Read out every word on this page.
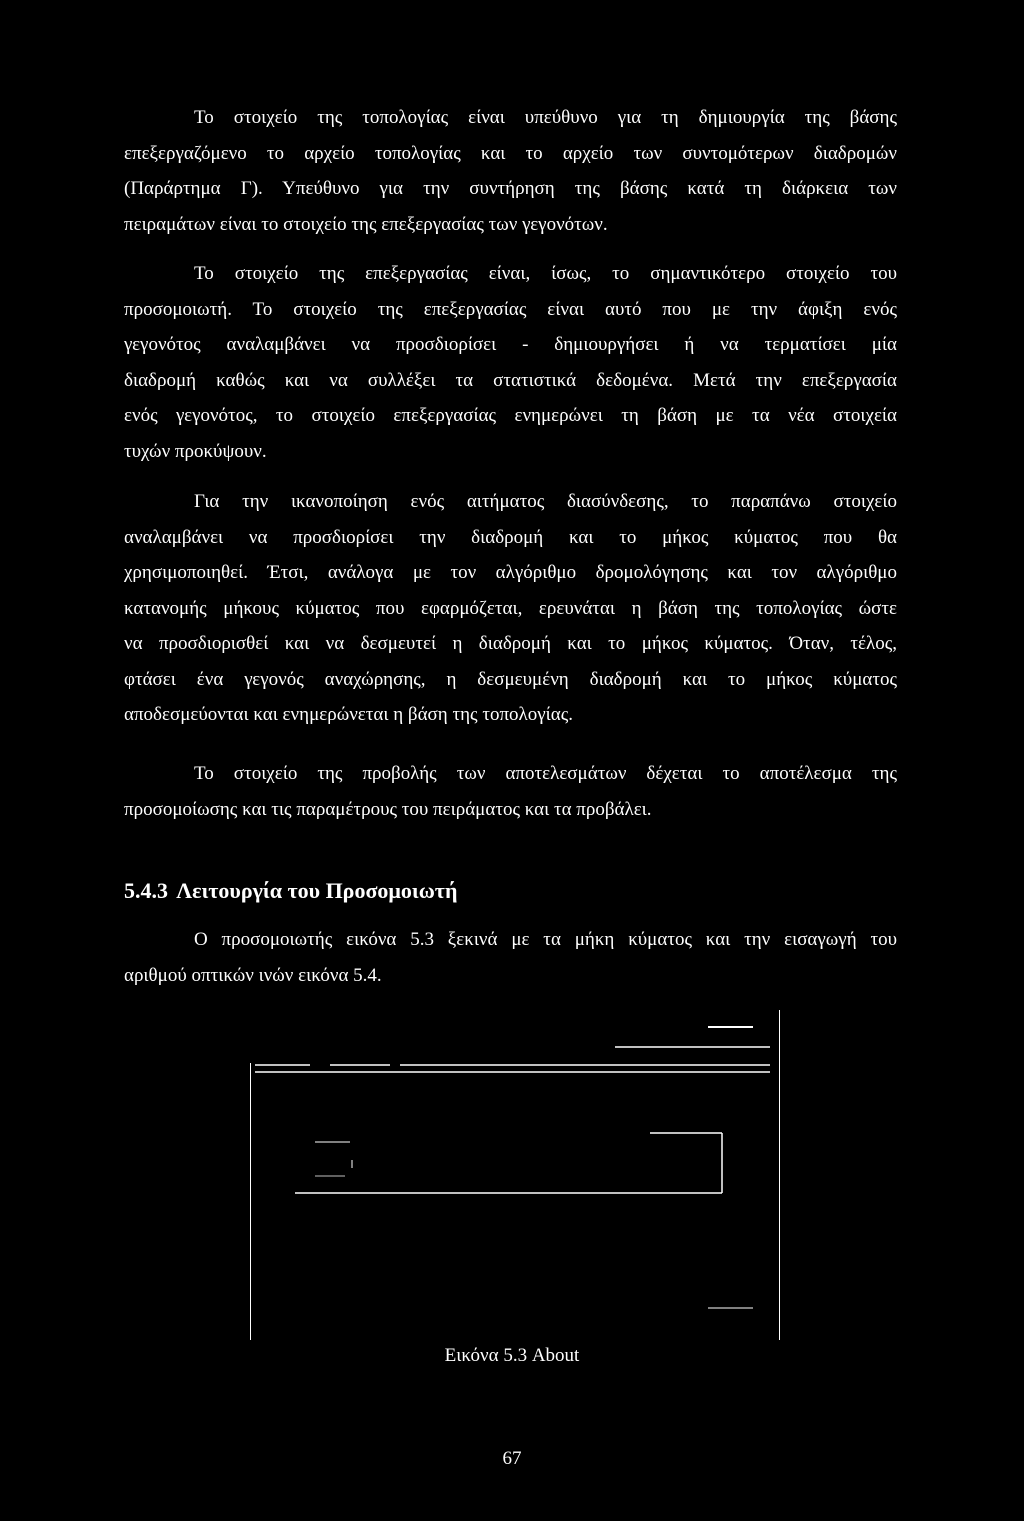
Το στοιχείο της τοπολογίας είναι υπεύθυνο για τη δημιουργία της βάσης
επεξεργαζόμενο το αρχείο τοπολογίας και το αρχείο των συντομότερων διαδρομών
(Παράρτημα Γ). Υπεύθυνο για την συντήρηση της βάσης κατά τη διάρκεια των
πειραμάτων είναι το στοιχείο της επεξεργασίας των γεγονότων.
Το στοιχείο της επεξεργασίας είναι, ίσως, το σημαντικότερο στοιχείο του
προσομοιωτή. Το στοιχείο της επεξεργασίας είναι αυτό που με την άφιξη ενός
γεγονότος αναλαμβάνει να προσδιορίσει - δημιουργήσει ή να τερματίσει μία
διαδρομή καθώς και να συλλέξει τα στατιστικά δεδομένα. Μετά την επεξεργασία
ενός γεγονότος, το στοιχείο επεξεργασίας ενημερώνει τη βάση με τα νέα στοιχεία
τυχών προκύψουν.
Για την ικανοποίηση ενός αιτήματος διασύνδεσης, το παραπάνω στοιχείο
αναλαμβάνει να προσδιορίσει την διαδρομή και το μήκος κύματος που θα
χρησιμοποιηθεί. Έτσι, ανάλογα με τον αλγόριθμο δρομολόγησης και τον αλγόριθμο
κατανομής μήκους κύματος που εφαρμόζεται, ερευνάται η βάση της τοπολογίας ώστε
να προσδιορισθεί και να δεσμευτεί η διαδρομή και το μήκος κύματος. Όταν, τέλος,
φτάσει ένα γεγονός αναχώρησης, η δεσμευμένη διαδρομή και το μήκος κύματος
αποδεσμεύονται και ενημερώνεται η βάση της τοπολογίας.
Το στοιχείο της προβολής των αποτελεσμάτων δέχεται το αποτέλεσμα της
προσομοίωσης και τις παραμέτρους του πειράματος και τα προβάλει.
5.4.3 Λειτουργία του Προσομοιωτή
Ο προσομοιωτής εικόνα 5.3 ξεκινά με τα μήκη κύματος και την εισαγωγή του
αριθμού οπτικών ινών εικόνα 5.4.
Εικόνα 5.3 About
67
